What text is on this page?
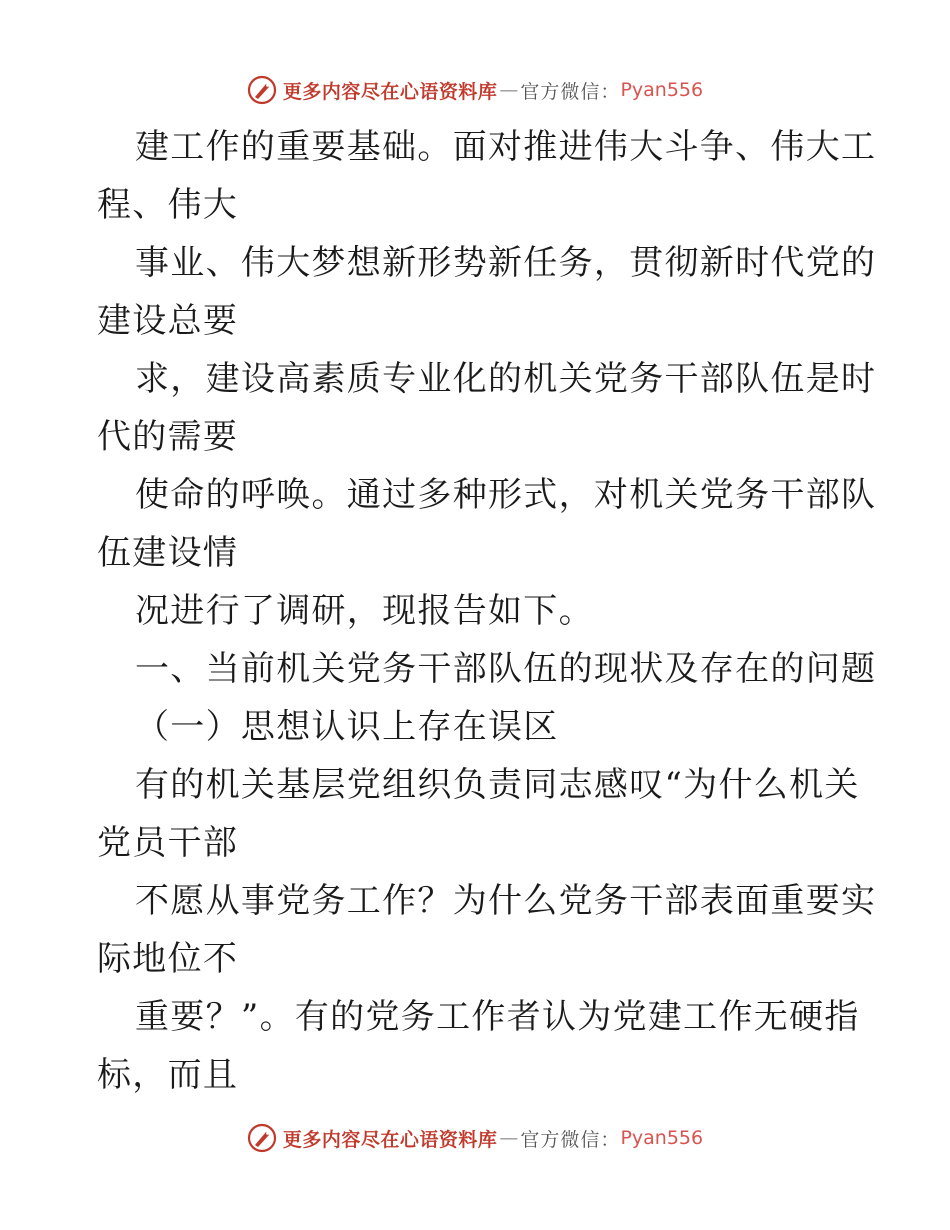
更多内容尽在心语资料库 — 官方微信： Pyan556
建工作的重要基础。面对推进伟大斗争、伟大工
程、伟大
事业、伟大梦想新形势新任务，贯彻新时代党的
建设总要
求，建设高素质专业化的机关党务干部队伍是时
代的需要
使命的呼唤。通过多种形式，对机关党务干部队
伍建设情
况进行了调研，现报告如下。
一、当前机关党务干部队伍的现状及存在的问题
（一）思想认识上存在误区
有的机关基层党组织负责同志感叹“为什么机关
党员干部
不愿从事党务工作？为什么党务干部表面重要实
际地位不
重要？”。有的党务工作者认为党建工作无硬指
标，而且
更多内容尽在心语资料库 — 官方微信： Pyan556
